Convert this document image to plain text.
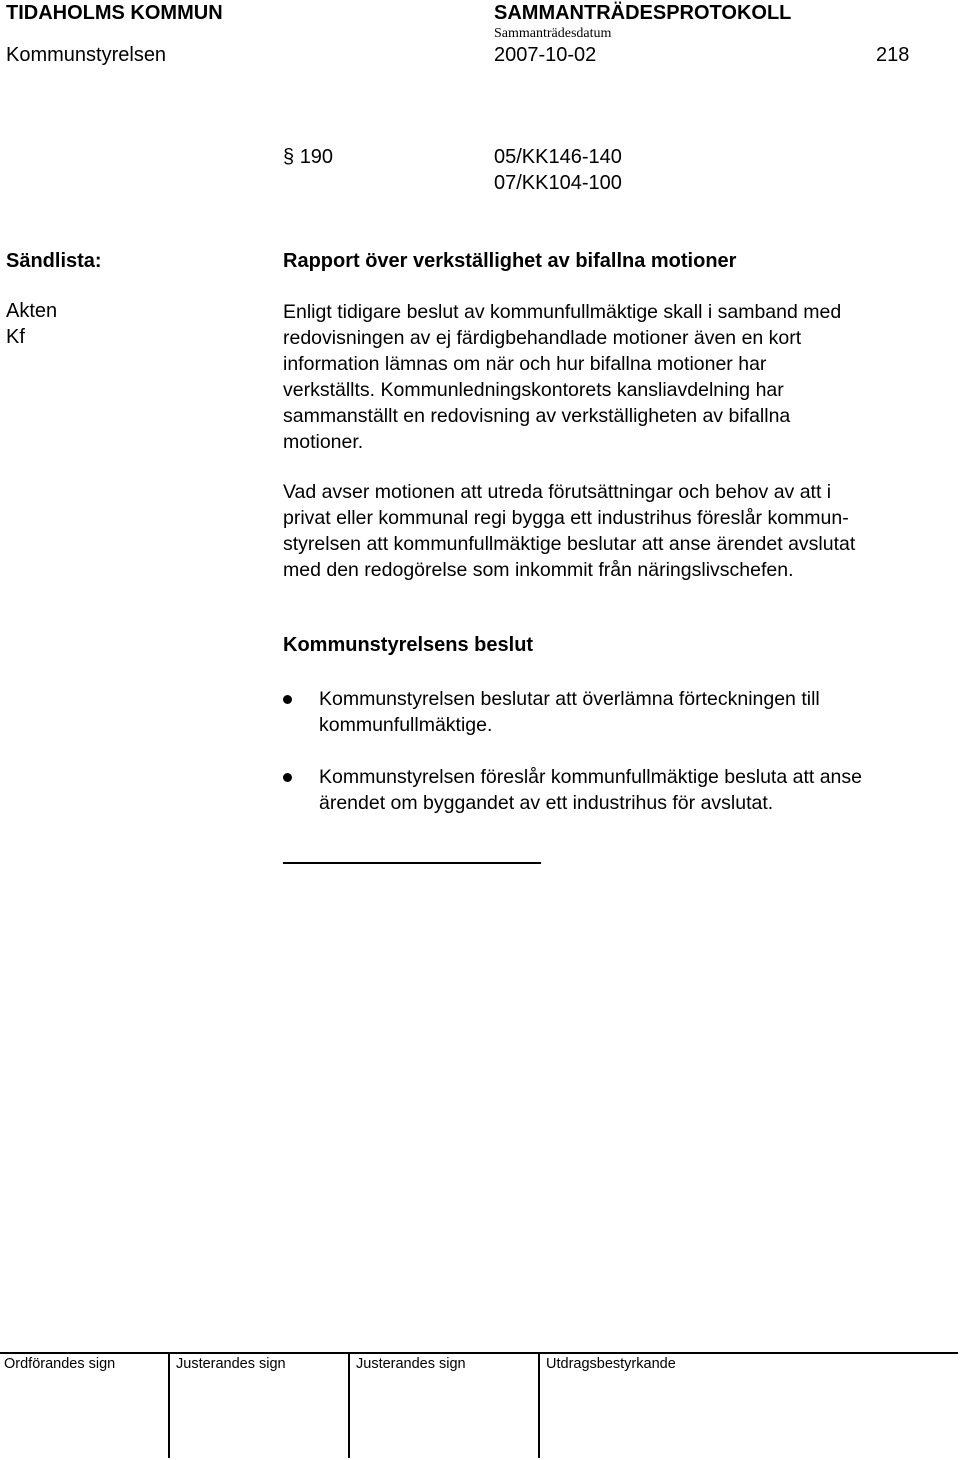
TIDAHOLMS KOMMUN	SAMMANTRÄDESPROTOKOLL
Sammanträdesdatum
Kommunstyrelsen	2007-10-02	218
§ 190	05/KK146-140
07/KK104-100
Sändlista:
Akten
Kf
Rapport över verkställighet av bifallna motioner
Enligt tidigare beslut av kommunfullmäktige skall i samband med
redovisningen av ej färdigbehandlade motioner även en kort
information lämnas om när och hur bifallna motioner har
verkställts. Kommunledningskontorets kansliavdelning har
sammanställt en redovisning av verkställigheten av bifallna
motioner.
Vad avser motionen att utreda förutsättningar och behov av att i
privat eller kommunal regi bygga ett industrihus föreslår kommun-
styrelsen att kommunfullmäktige beslutar att anse ärendet avslutat
med den redogörelse som inkommit från näringslivschefen.
Kommunstyrelsens beslut
Kommunstyrelsen beslutar att överlämna förteckningen till
kommunfullmäktige.
Kommunstyrelsen föreslår kommunfullmäktige besluta att anse
ärendet om byggandet av ett industrihus för avslutat.
Ordförandes sign	Justerandes sign	Justerandes sign	Utdragsbestyrkande
